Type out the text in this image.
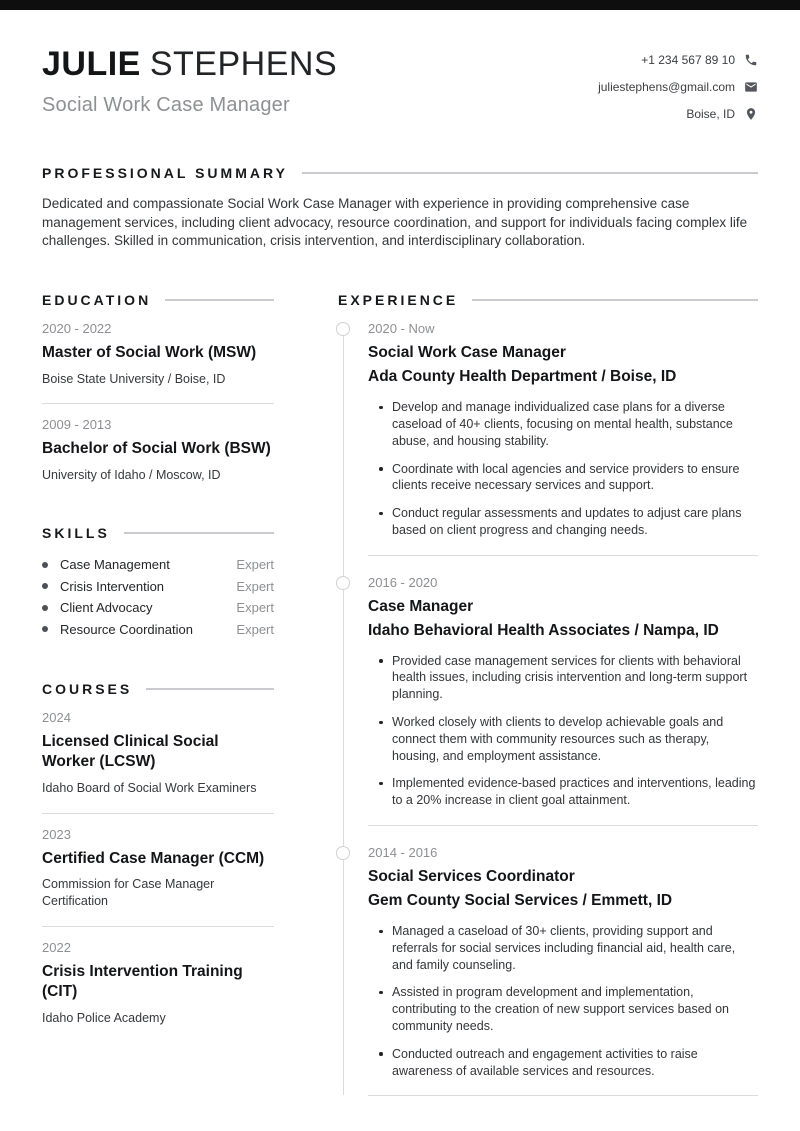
JULIE STEPHENS
Social Work Case Manager
+1 234 567 89 10
juliestephens@gmail.com
Boise, ID
PROFESSIONAL SUMMARY

Dedicated and compassionate Social Work Case Manager with experience in providing comprehensive case management services, including client advocacy, resource coordination, and support for individuals facing complex life challenges. Skilled in communication, crisis intervention, and interdisciplinary collaboration.

EDUCATION
2020 - 2022
Master of Social Work (MSW)
Boise State University / Boise, ID
2009 - 2013
Bachelor of Social Work (BSW)
University of Idaho / Moscow, ID
SKILLS
Case Management	Expert
Crisis Intervention	Expert
Client Advocacy	Expert
Resource Coordination	Expert
COURSES
2024
Licensed Clinical Social Worker (LCSW)
Idaho Board of Social Work Examiners
2023
Certified Case Manager (CCM)
Commission for Case Manager Certification
2022
Crisis Intervention Training (CIT)
Idaho Police Academy
EXPERIENCE
2020 - Now
Social Work Case Manager
Ada County Health Department / Boise, ID
Develop and manage individualized case plans for a diverse caseload of 40+ clients, focusing on mental health, substance abuse, and housing stability.
Coordinate with local agencies and service providers to ensure clients receive necessary services and support.
Conduct regular assessments and updates to adjust care plans based on client progress and changing needs.
2016 - 2020
Case Manager
Idaho Behavioral Health Associates / Nampa, ID
Provided case management services for clients with behavioral health issues, including crisis intervention and long-term support planning.
Worked closely with clients to develop achievable goals and connect them with community resources such as therapy, housing, and employment assistance.
Implemented evidence-based practices and interventions, leading to a 20% increase in client goal attainment.
2014 - 2016
Social Services Coordinator
Gem County Social Services / Emmett, ID
Managed a caseload of 30+ clients, providing support and referrals for social services including financial aid, health care, and family counseling.
Assisted in program development and implementation, contributing to the creation of new support services based on community needs.
Conducted outreach and engagement activities to raise awareness of available services and resources.
